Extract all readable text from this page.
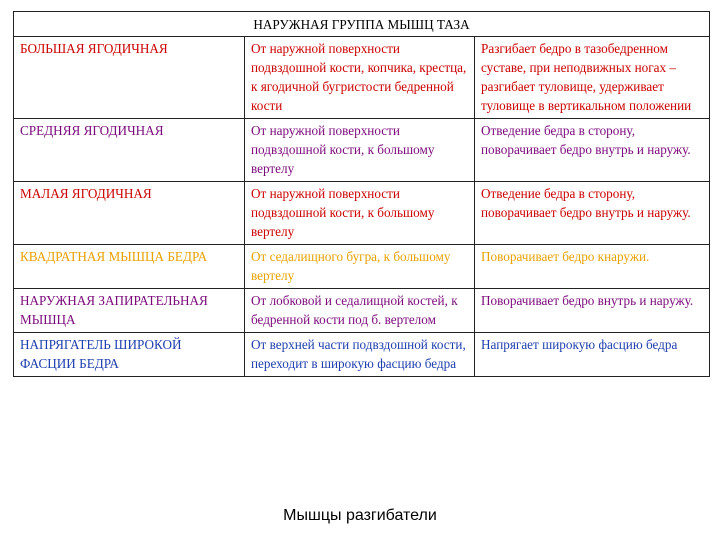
НАРУЖНАЯ ГРУППА МЫШЦ ТАЗА		
БОЛЬШАЯ ЯГОДИЧНАЯ	От наружной поверхности подвздошной кости, копчика, крестца, к ягодичной бугристости бедренной кости	Разгибает бедро в тазобедренном суставе, при неподвижных ногах – разгибает туловище, удерживает туловище в вертикальном положении
СРЕДНЯЯ ЯГОДИЧНАЯ	От наружной поверхности подвздошной кости, к большому вертелу	Отведение бедра в сторону, поворачивает бедро внутрь и наружу.
МАЛАЯ ЯГОДИЧНАЯ	От наружной поверхности подвздошной кости, к большому вертелу	Отведение бедра в сторону, поворачивает бедро внутрь и наружу.
КВАДРАТНАЯ МЫШЦА БЕДРА	От седалищного бугра, к большому вертелу	Поворачивает бедро кнаружи.
НАРУЖНАЯ ЗАПИРАТЕЛЬНАЯ МЫШЦА	От лобковой и седалищной костей, к бедренной кости под б. вертелом	Поворачивает бедро внутрь и наружу.
НАПРЯГАТЕЛЬ ШИРОКОЙ ФАСЦИИ БЕДРА	От верхней части подвздошной кости, переходит в широкую фасцию бедра	Напрягает широкую фасцию бедра
Мышцы разгибатели
